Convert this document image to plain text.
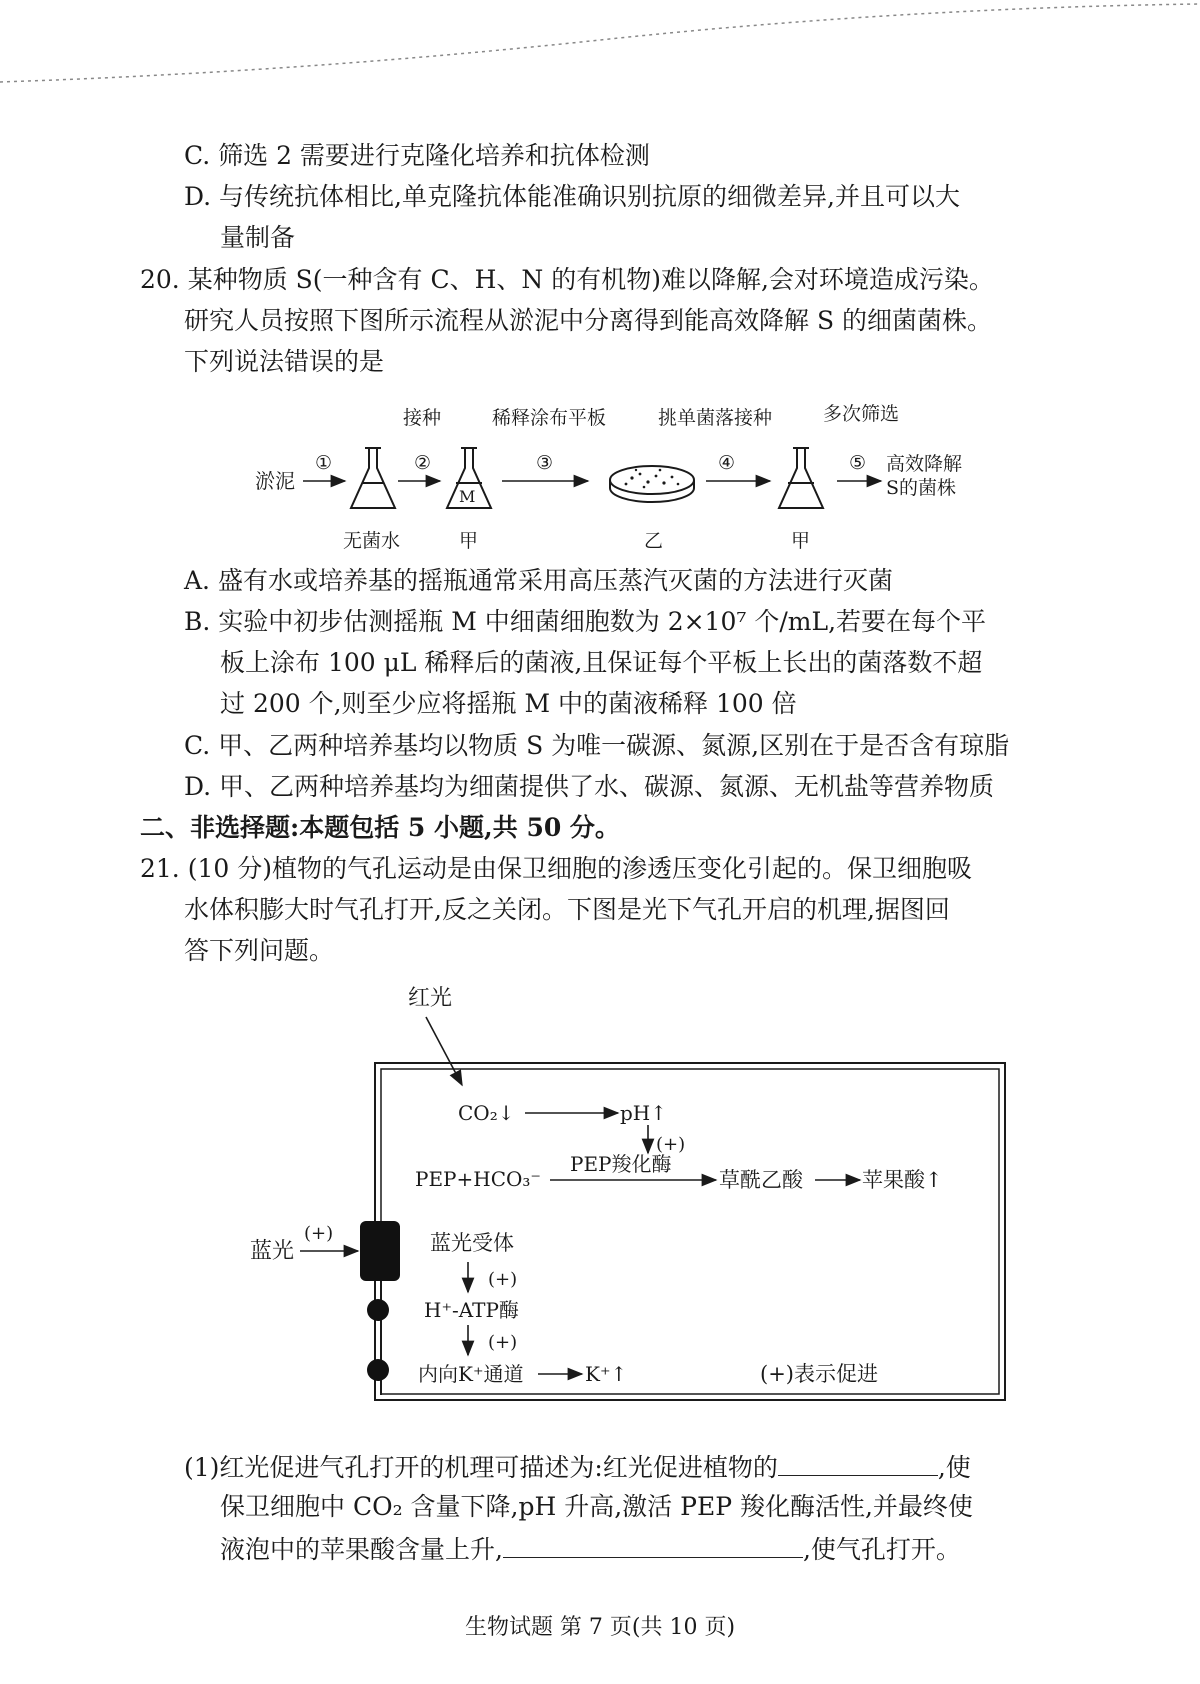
C. 筛选 2 需要进行克隆化培养和抗体检测
D. 与传统抗体相比,单克隆抗体能准确识别抗原的细微差异,并且可以大
量制备
20. 某种物质 S(一种含有 C、H、N 的有机物)难以降解,会对环境造成污染。
研究人员按照下图所示流程从淤泥中分离得到能高效降解 S 的细菌菌株。
下列说法错误的是
淤泥
①
无菌水
接种
②
M
甲
稀释涂布平板
③
乙
挑单菌落接种
④
甲
多次筛选
⑤ 高效降解
S的菌株
A. 盛有水或培养基的摇瓶通常采用高压蒸汽灭菌的方法进行灭菌
B. 实验中初步估测摇瓶 M 中细菌细胞数为 2×10⁷ 个/mL,若要在每个平
板上涂布 100 μL 稀释后的菌液,且保证每个平板上长出的菌落数不超
过 200 个,则至少应将摇瓶 M 中的菌液稀释 100 倍
C. 甲、乙两种培养基均以物质 S 为唯一碳源、氮源,区别在于是否含有琼脂
D. 甲、乙两种培养基均为细菌提供了水、碳源、氮源、无机盐等营养物质
二、非选择题:本题包括 5 小题,共 50 分。
21. (10 分)植物的气孔运动是由保卫细胞的渗透压变化引起的。保卫细胞吸
水体积膨大时气孔打开,反之关闭。下图是光下气孔开启的机理,据图回
答下列问题。
红光
CO₂↓	pH↑
(+)
PEP+HCO₃⁻
PEP羧化酶
草酰乙酸	苹果酸↑
蓝光
(+)	蓝光受体
(+)
H⁺-ATP酶
(+)
内向K⁺通道	K⁺↑	(+)表示促进
(1)红光促进气孔打开的机理可描述为:红光促进植物的	,使
保卫细胞中 CO₂ 含量下降,pH 升高,激活 PEP 羧化酶活性,并最终使
液泡中的苹果酸含量上升,	,使气孔打开。
生物试题 第 7 页(共 10 页)
